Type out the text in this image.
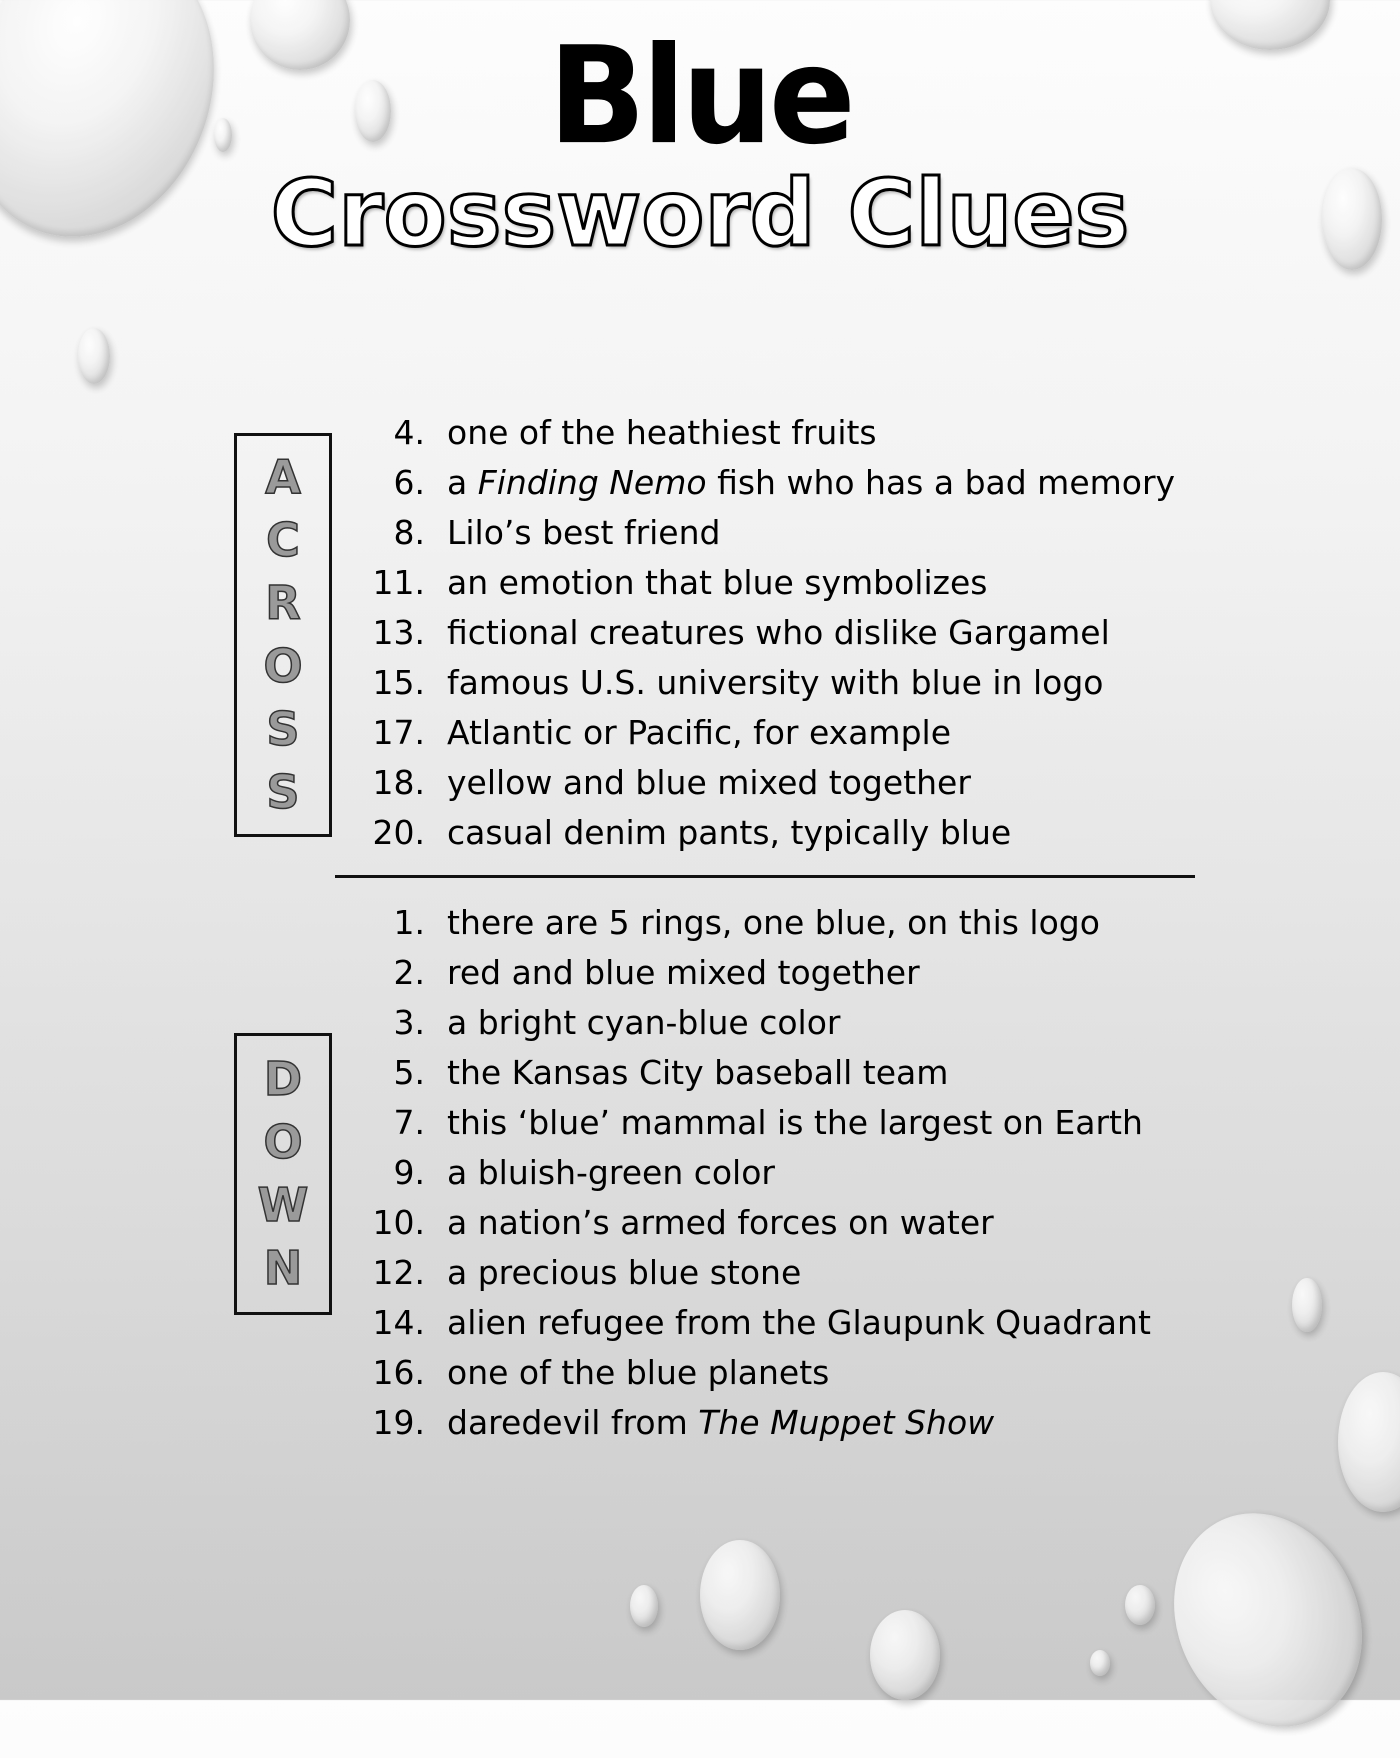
Blue
Crossword Clues
A
C
R
O
S
S
4. one of the heathiest fruits
6. a Finding Nemo fish who has a bad memory
8. Lilo’s best friend
11. an emotion that blue symbolizes
13. fictional creatures who dislike Gargamel
15. famous U.S. university with blue in logo
17. Atlantic or Pacific, for example
18. yellow and blue mixed together
20. casual denim pants, typically blue
D
O
W
N
1. there are 5 rings, one blue, on this logo
2. red and blue mixed together
3. a bright cyan-blue color
5. the Kansas City baseball team
7. this ‘blue’ mammal is the largest on Earth
9. a bluish-green color
10. a nation’s armed forces on water
12. a precious blue stone
14. alien refugee from the Glaupunk Quadrant
16. one of the blue planets
19. daredevil from The Muppet Show
